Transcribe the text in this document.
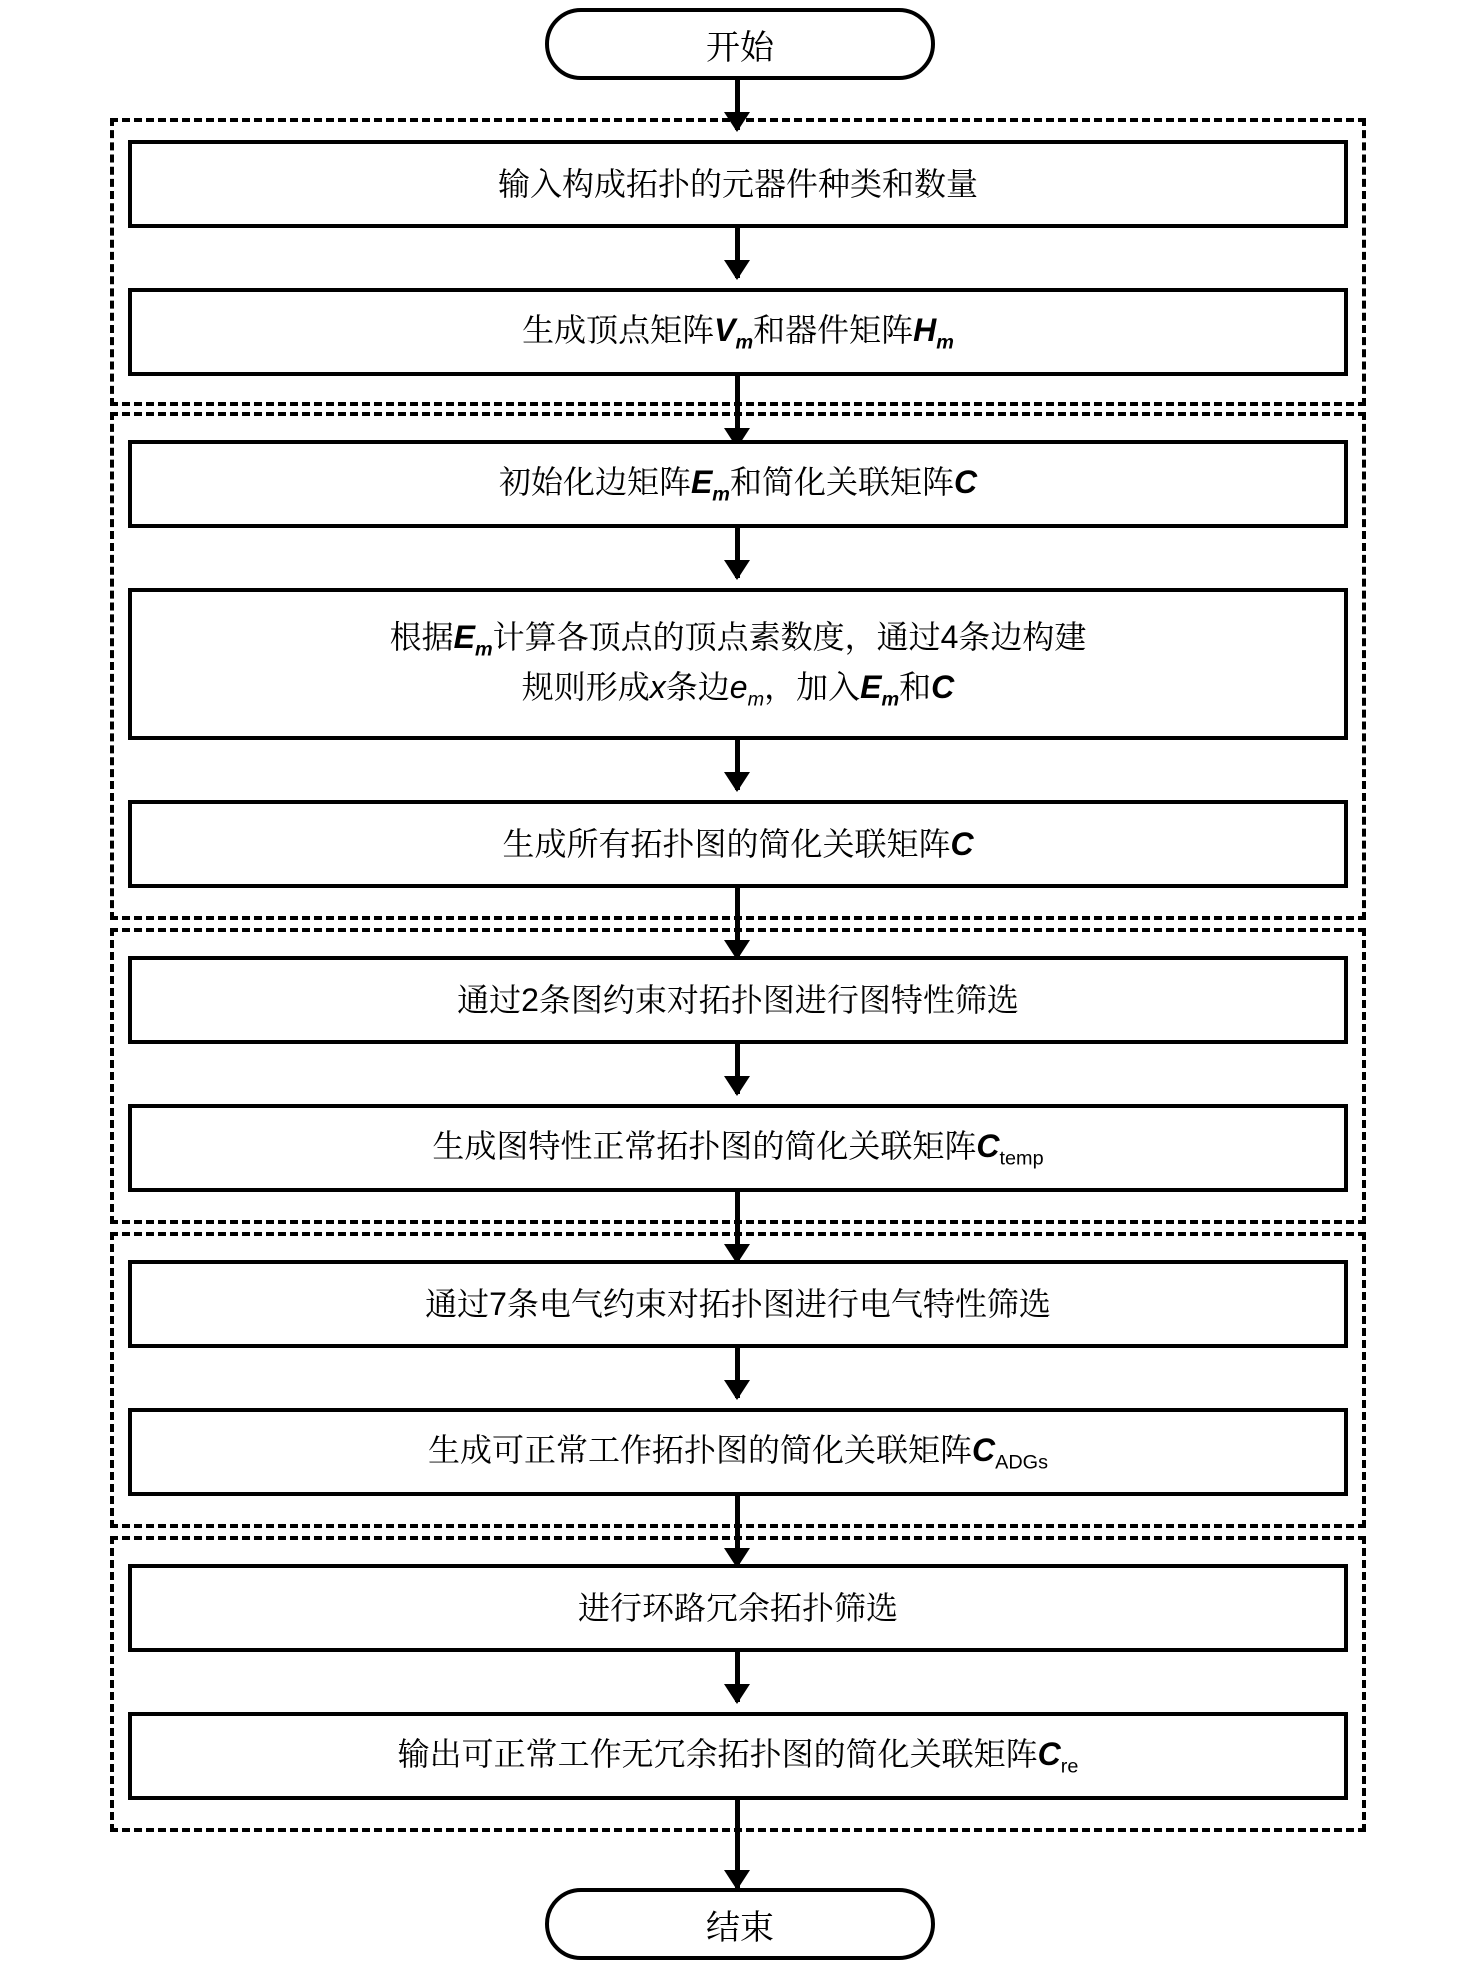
开始
输入构成拓扑的元器件种类和数量
生成顶点矩阵$V_m$和器件矩阵$H_m$
初始化边矩阵$E_m$和简化关联矩阵C
根据$E_m$计算各顶点的顶点素数度，通过4条边构建
规则形成x条边$e_m$，加入$E_m$和C
生成所有拓扑图的简化关联矩阵C
通过2条图约束对拓扑图进行图特性筛选
生成图特性正常拓扑图的简化关联矩阵$C_{temp}$
通过7条电气约束对拓扑图进行电气特性筛选
生成可正常工作拓扑图的简化关联矩阵$C_{ADGs}$
进行环路冗余拓扑筛选
输出可正常工作无冗余拓扑图的简化关联矩阵$C_{re}$
结束
